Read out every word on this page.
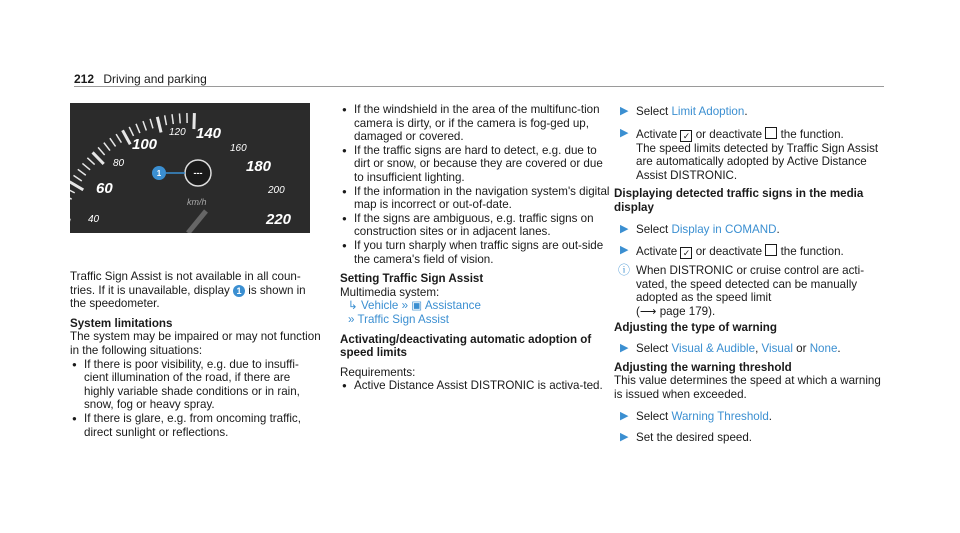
212 Driving and parking
40
60
80
100
120 140
160
180
200
220
km/h
---
1

Traffic Sign Assist is not available in all coun-tries. If it is unavailable, display 1 is shown in the speedometer.

System limitations

The system may be impaired or may not function in the following situations:

● If there is poor visibility, e.g. due to insuffi-cient illumination of the road, if there are highly variable shade conditions or in rain, snow, fog or heavy spray.
● If there is glare, e.g. from oncoming traffic, direct sunlight or reflections.
● If the windshield in the area of the multifunc-tion camera is dirty, or if the camera is fog-ged up, damaged or covered.
● If the traffic signs are hard to detect, e.g. due to dirt or snow, or because they are covered or due to insufficient lighting.
● If the information in the navigation system's digital map is incorrect or out-of-date.
● If the signs are ambiguous, e.g. traffic signs on construction sites or in adjacent lanes.
● If you turn sharply when traffic signs are out-side the camera's field of vision.

Setting Traffic Sign Assist

Multimedia system:

↳ Vehicle » ▣ Assistance

» Traffic Sign Assist

Activating/deactivating automatic adoption of speed limits

Requirements:

● Active Distance Assist DISTRONIC is activa-ted.
▶ Select Limit Adoption.
▶ Activate ✓ or deactivate the function.

The speed limits detected by Traffic Sign Assist are automatically adopted by Active Distance Assist DISTRONIC.

Displaying detected traffic signs in the media display

▶ Select Display in COMAND.
▶ Activate ✓ or deactivate the function.
ⓘ When DISTRONIC or cruise control are acti-vated, the speed detected can be manually adopted as the speed limit
(⟶ page 179).

Adjusting the type of warning

▶ Select Visual & Audible, Visual or None.

Adjusting the warning threshold

This value determines the speed at which a warning is issued when exceeded.

▶ Select Warning Threshold.
▶ Set the desired speed.
